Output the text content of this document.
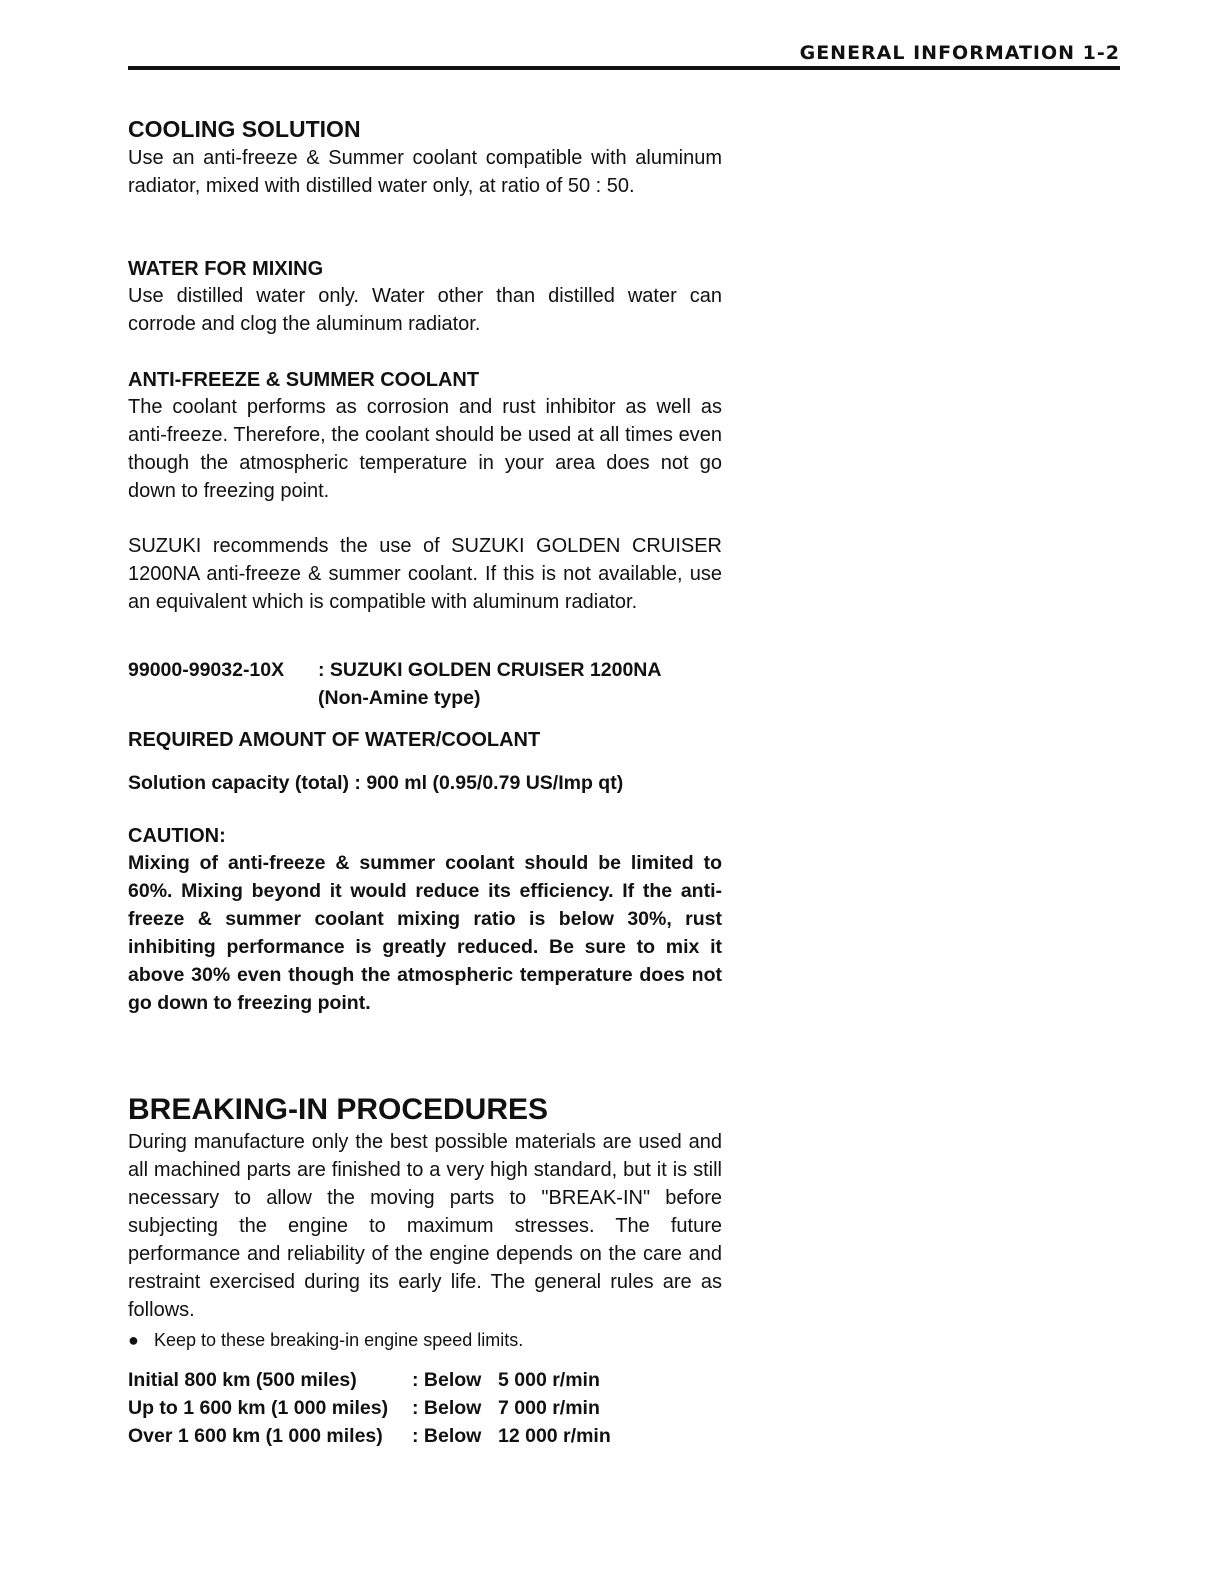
GENERAL INFORMATION 1-2
COOLING SOLUTION

Use an anti-freeze & Summer coolant compatible with aluminum radiator, mixed with distilled water only, at ratio of 50 : 50.

WATER FOR MIXING

Use distilled water only. Water other than distilled water can corrode and clog the aluminum radiator.

ANTI-FREEZE & SUMMER COOLANT

The coolant performs as corrosion and rust inhibitor as well as anti-freeze. Therefore, the coolant should be used at all times even though the atmospheric temperature in your area does not go down to freezing point.

SUZUKI recommends the use of SUZUKI GOLDEN CRUISER 1200NA anti-freeze & summer coolant. If this is not available, use an equivalent which is compatible with aluminum radiator.

99000-99032-10X	: SUZUKI GOLDEN CRUISER 1200NA
(Non-Amine type)
REQUIRED AMOUNT OF WATER/COOLANT

Solution capacity (total) : 900 ml (0.95/0.79 US/Imp qt)

CAUTION:

Mixing of anti-freeze & summer coolant should be limited to 60%. Mixing beyond it would reduce its efficiency. If the anti-freeze & summer coolant mixing ratio is below 30%, rust inhibiting performance is greatly reduced. Be sure to mix it above 30% even though the atmospheric temperature does not go down to freezing point.

BREAKING-IN PROCEDURES

During manufacture only the best possible materials are used and all machined parts are finished to a very high standard, but it is still necessary to allow the moving parts to "BREAK-IN" before subjecting the engine to maximum stresses. The future performance and reliability of the engine depends on the care and restraint exercised during its early life. The general rules are as follows.

● Keep to these breaking-in engine speed limits.
Initial 800 km (500 miles)	: Below	5 000 r/min
Up to 1 600 km (1 000 miles)	: Below	7 000 r/min
Over 1 600 km (1 000 miles)	: Below	12 000 r/min
